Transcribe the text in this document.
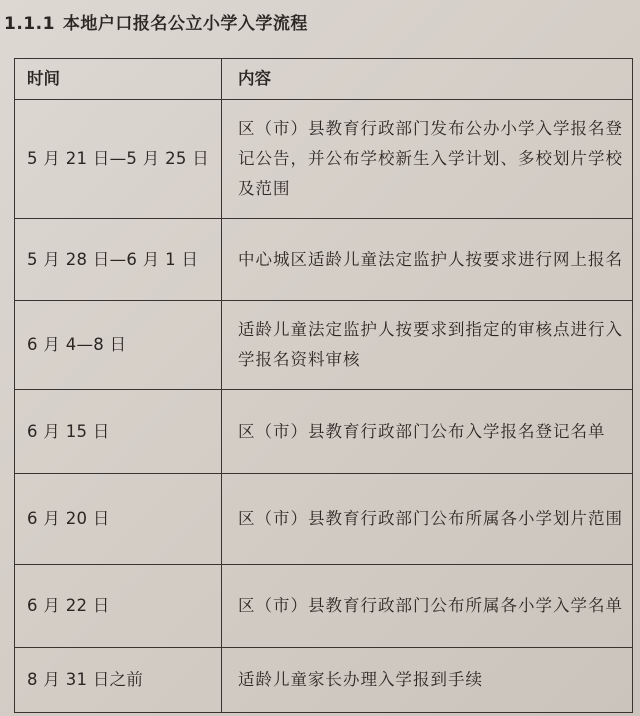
1.1.1 本地户口报名公立小学入学流程
时间	内容
5 月 21 日—5 月 25 日	区（市）县教育行政部门发布公办小学入学报名登记公告，并公布学校新生入学计划、多校划片学校及范围
5 月 28 日—6 月 1 日	中心城区适龄儿童法定监护人按要求进行网上报名
6 月 4—8 日	适龄儿童法定监护人按要求到指定的审核点进行入学报名资料审核
6 月 15 日	区（市）县教育行政部门公布入学报名登记名单
6 月 20 日	区（市）县教育行政部门公布所属各小学划片范围
6 月 22 日	区（市）县教育行政部门公布所属各小学入学名单
8 月 31 日之前	适龄儿童家长办理入学报到手续
